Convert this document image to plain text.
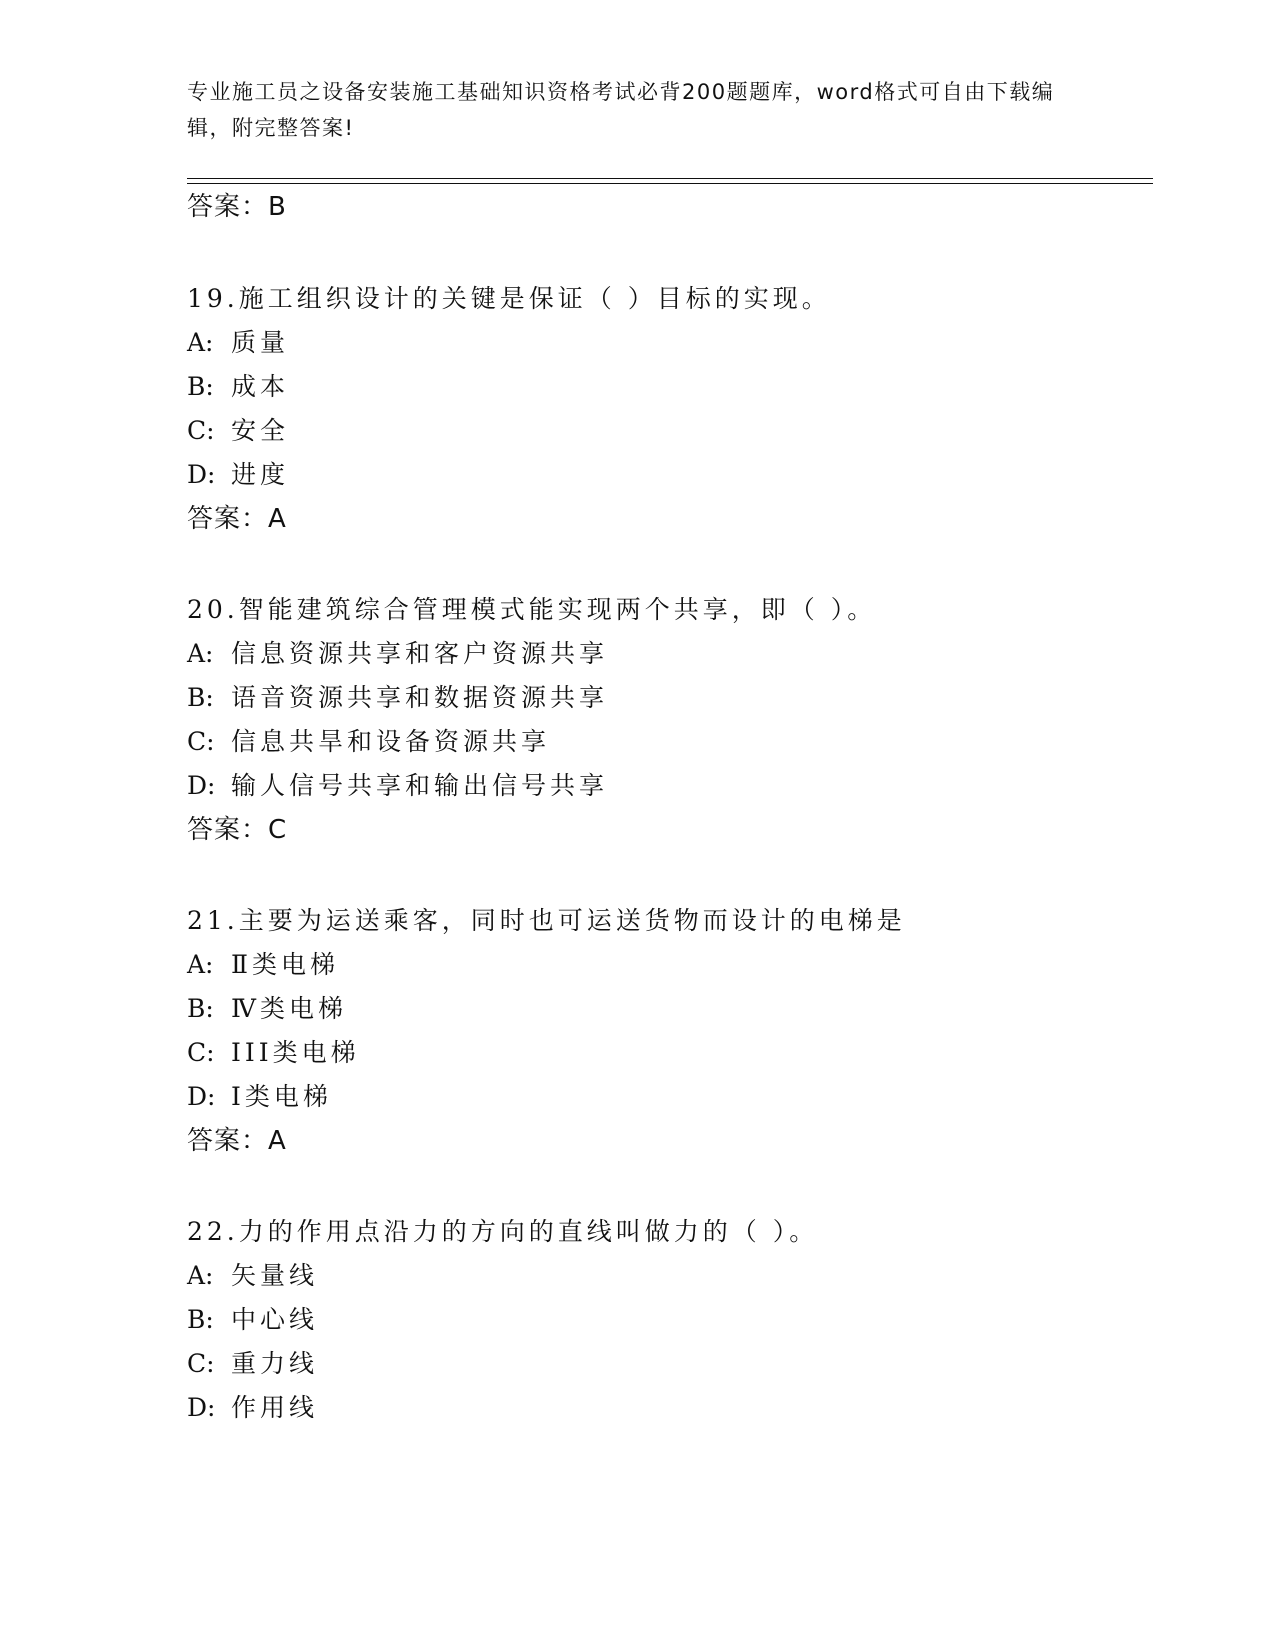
专业施工员之设备安装施工基础知识资格考试必背200题题库，word格式可自由下载编辑，附完整答案!
答案：B
19.施工组织设计的关键是保证（ ）目标的实现。
A: 质量
B: 成本
C: 安全
D: 进度
答案：A
20.智能建筑综合管理模式能实现两个共享，即（ ）。
A: 信息资源共享和客户资源共享
B: 语音资源共享和数据资源共享
C: 信息共旱和设备资源共享
D: 输人信号共享和输出信号共享
答案：C
21.主要为运送乘客，同时也可运送货物而设计的电梯是
A: Ⅱ类电梯
B: Ⅳ类电梯
C: III类电梯
D: Ⅰ类电梯
答案：A
22.力的作用点沿力的方向的直线叫做力的（ ）。
A: 矢量线
B: 中心线
C: 重力线
D: 作用线
